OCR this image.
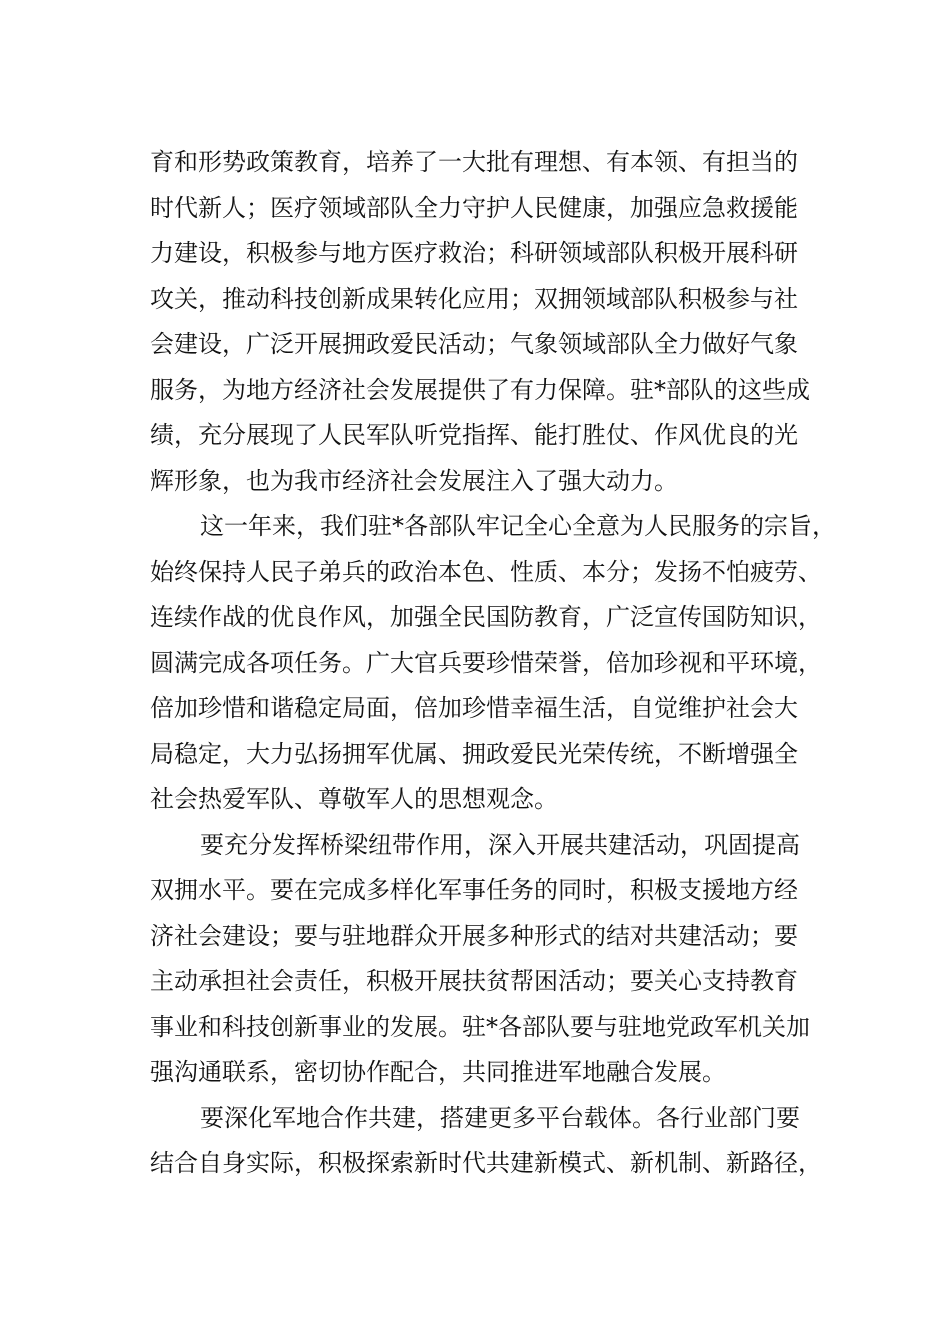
育和形势政策教育，培养了一大批有理想、有本领、有担当的
时代新人；医疗领域部队全力守护人民健康，加强应急救援能
力建设，积极参与地方医疗救治；科研领域部队积极开展科研
攻关，推动科技创新成果转化应用；双拥领域部队积极参与社
会建设，广泛开展拥政爱民活动；气象领域部队全力做好气象
服务，为地方经济社会发展提供了有力保障。驻*部队的这些成
绩，充分展现了人民军队听党指挥、能打胜仗、作风优良的光
辉形象，也为我市经济社会发展注入了强大动力。
这一年来，我们驻*各部队牢记全心全意为人民服务的宗旨，
始终保持人民子弟兵的政治本色、性质、本分；发扬不怕疲劳、
连续作战的优良作风，加强全民国防教育，广泛宣传国防知识，
圆满完成各项任务。广大官兵要珍惜荣誉，倍加珍视和平环境，
倍加珍惜和谐稳定局面，倍加珍惜幸福生活，自觉维护社会大
局稳定，大力弘扬拥军优属、拥政爱民光荣传统，不断增强全
社会热爱军队、尊敬军人的思想观念。
要充分发挥桥梁纽带作用，深入开展共建活动，巩固提高
双拥水平。要在完成多样化军事任务的同时，积极支援地方经
济社会建设；要与驻地群众开展多种形式的结对共建活动；要
主动承担社会责任，积极开展扶贫帮困活动；要关心支持教育
事业和科技创新事业的发展。驻*各部队要与驻地党政军机关加
强沟通联系，密切协作配合，共同推进军地融合发展。
要深化军地合作共建，搭建更多平台载体。各行业部门要
结合自身实际，积极探索新时代共建新模式、新机制、新路径，
